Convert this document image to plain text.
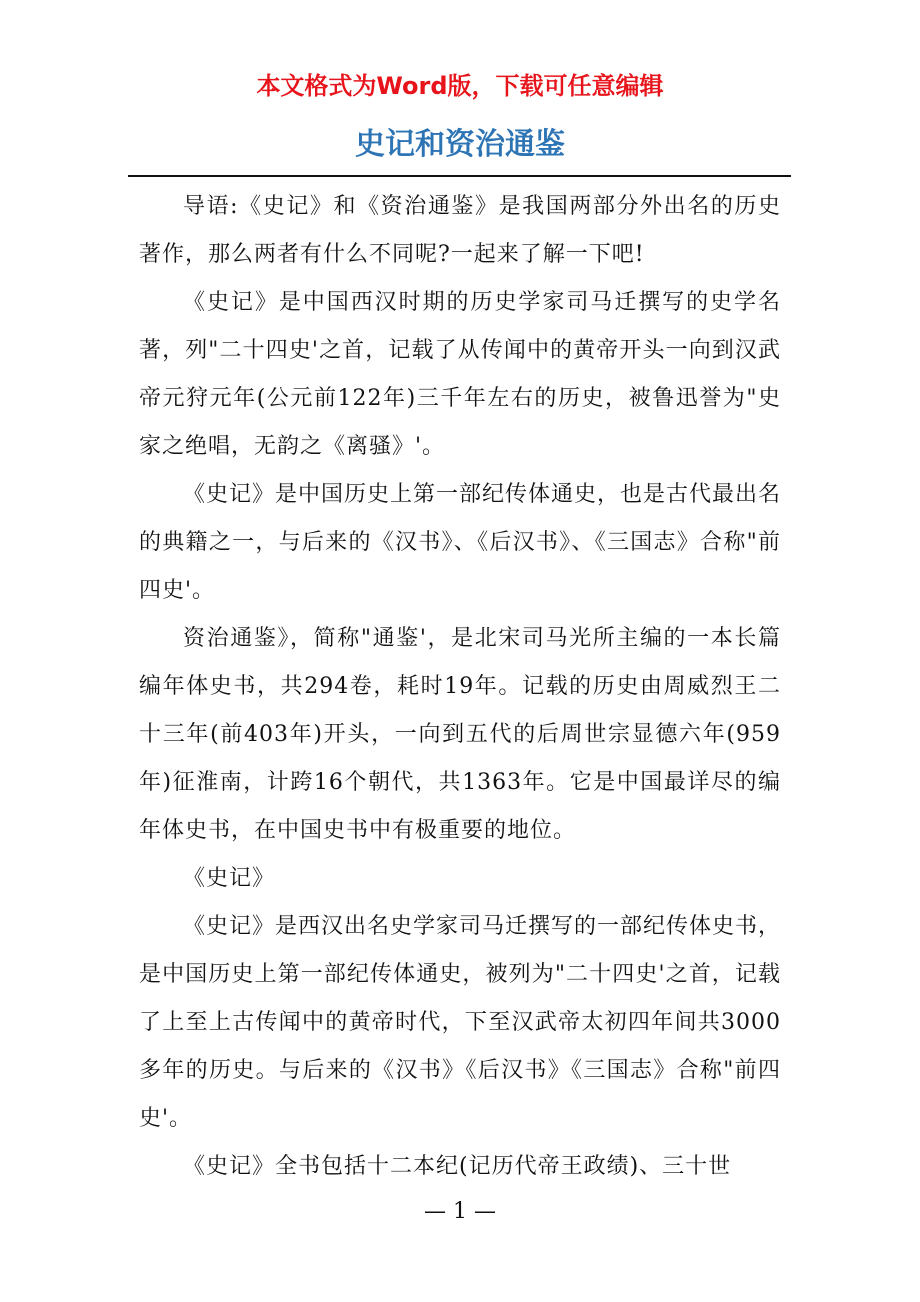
本文格式为Word版，下载可任意编辑
史记和资治通鉴

导语:《史记》和《资治通鉴》是我国两部分外出名的历史著作，那么两者有什么不同呢?一起来了解一下吧!

《史记》是中国西汉时期的历史学家司马迁撰写的史学名著，列"二十四史'之首，记载了从传闻中的黄帝开头一向到汉武帝元狩元年(公元前122年)三千年左右的历史，被鲁迅誉为"史家之绝唱，无韵之《离骚》'。

《史记》是中国历史上第一部纪传体通史，也是古代最出名的典籍之一，与后来的《汉书》、《后汉书》、《三国志》合称"前四史'。

资治通鉴》，简称"通鉴'，是北宋司马光所主编的一本长篇编年体史书，共294卷，耗时19年。记载的历史由周威烈王二十三年(前403年)开头，一向到五代的后周世宗显德六年(959年)征淮南，计跨16个朝代，共1363年。它是中国最详尽的编年体史书，在中国史书中有极重要的地位。

《史记》

《史记》是西汉出名史学家司马迁撰写的一部纪传体史书，是中国历史上第一部纪传体通史，被列为"二十四史'之首，记载了上至上古传闻中的黄帝时代，下至汉武帝太初四年间共3000多年的历史。与后来的《汉书》《后汉书》《三国志》合称"前四史'。

《史记》全书包括十二本纪(记历代帝王政绩)、三十世

— 1 —
